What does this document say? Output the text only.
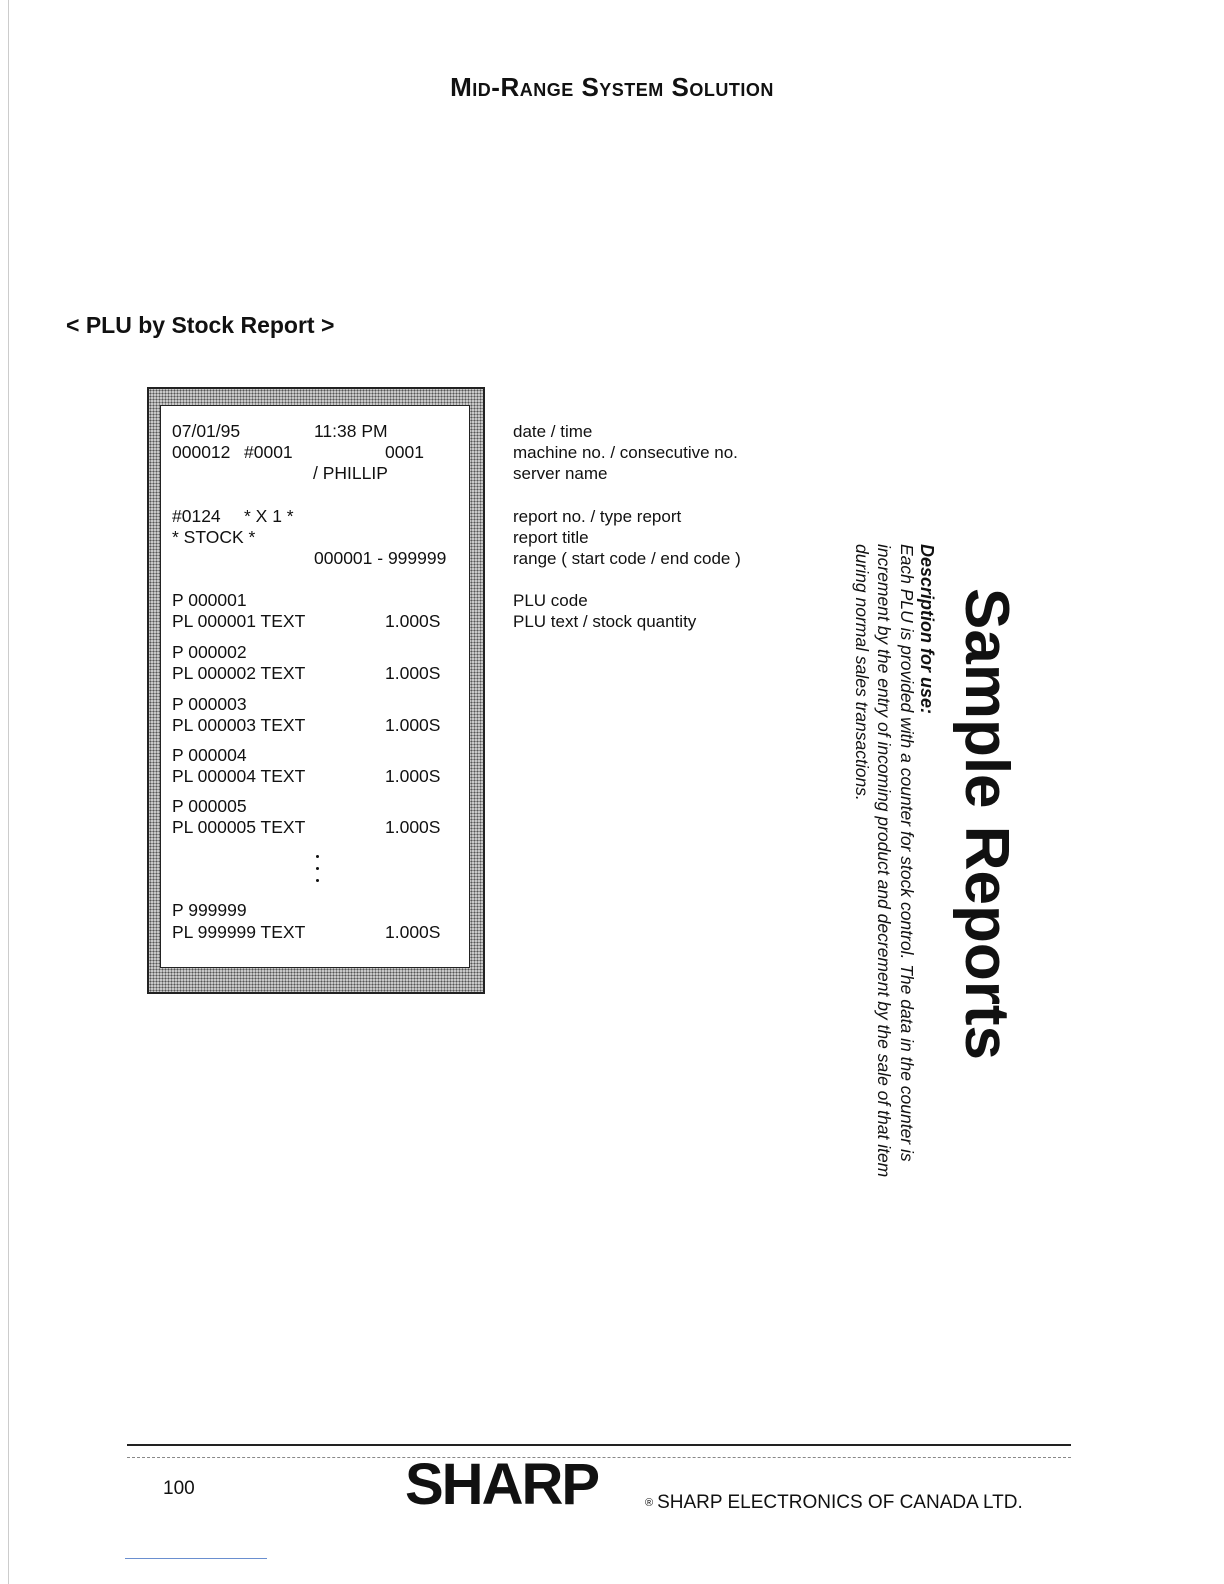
Mid-Range System Solution
< PLU by Stock Report >
07/01/95	11:38 PM
000012 #0001	0001
/ PHILLIP
#0124 * X 1 *
* STOCK *
000001 - 999999
P 000001
PL 000001 TEXT	1.000S
P 000002
PL 000002 TEXT	1.000S
P 000003
PL 000003 TEXT	1.000S
P 000004
PL 000004 TEXT	1.000S
P 000005
PL 000005 TEXT	1.000S
P 999999
PL 999999 TEXT	1.000S
date / time
machine no. / consecutive no.
server name
report no. / type report
report title
range ( start code / end code )
PLU code
PLU text / stock quantity	Sample Reports
Description for use:
Each PLU is provided with a counter for stock control. The data in the counter is
increment by the entry of incoming product and decrement by the sale of that item
during normal sales transactions.
100	SHARP	® SHARP ELECTRONICS OF CANADA LTD.
